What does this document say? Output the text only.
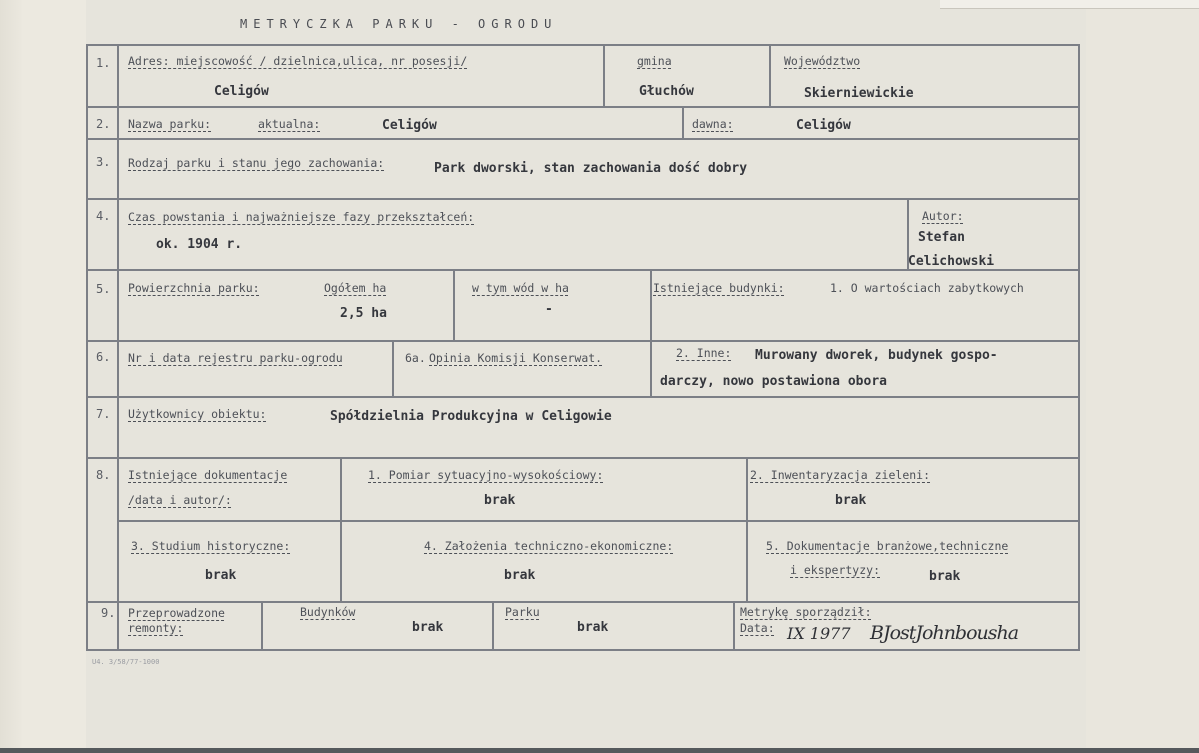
METRYCZKA PARKU - OGRODU
1. Adres: miejscowość / dzielnica,ulica, nr posesji/
Celigów
gmina
Głuchów
Województwo
Skierniewickie
2. Nazwa parku:	aktualna:	Celigów	dawna:	Celigów
3. Rodzaj parku i stanu jego zachowania:	Park dworski, stan zachowania dość dobry
4. Czas powstania i najważniejsze fazy przekształceń:
ok. 1904 r.
Autor:
Stefan
Celichowski
5. Powierzchnia parku:	Ogółem ha
2,5 ha
w tym wód w ha
-
Istniejące budynki:	1. O wartościach zabytkowych
6. Nr i data rejestru parku-ogrodu	6a. Opinia Komisji Konserwat.	2. Inne: Murowany dworek, budynek gospo-
darczy, nowo postawiona obora
7. Użytkownicy obiektu:	Spółdzielnia Produkcyjna w Celigowie
8. Istniejące dokumentacje
/data i autor/:
1. Pomiar sytuacyjno-wysokościowy:
brak
2. Inwentaryzacja zieleni:
brak
3. Studium historyczne:
brak
4. Założenia techniczno-ekonomiczne:
brak
5. Dokumentacje branżowe,techniczne
i ekspertyzy:	brak
9. Przeprowadzone
remonty:
Budynków
brak
Parku
brak
Metrykę sporządził:
Data: IX 1977 BJostJohnbousha
U4. 3/58/77-1000
